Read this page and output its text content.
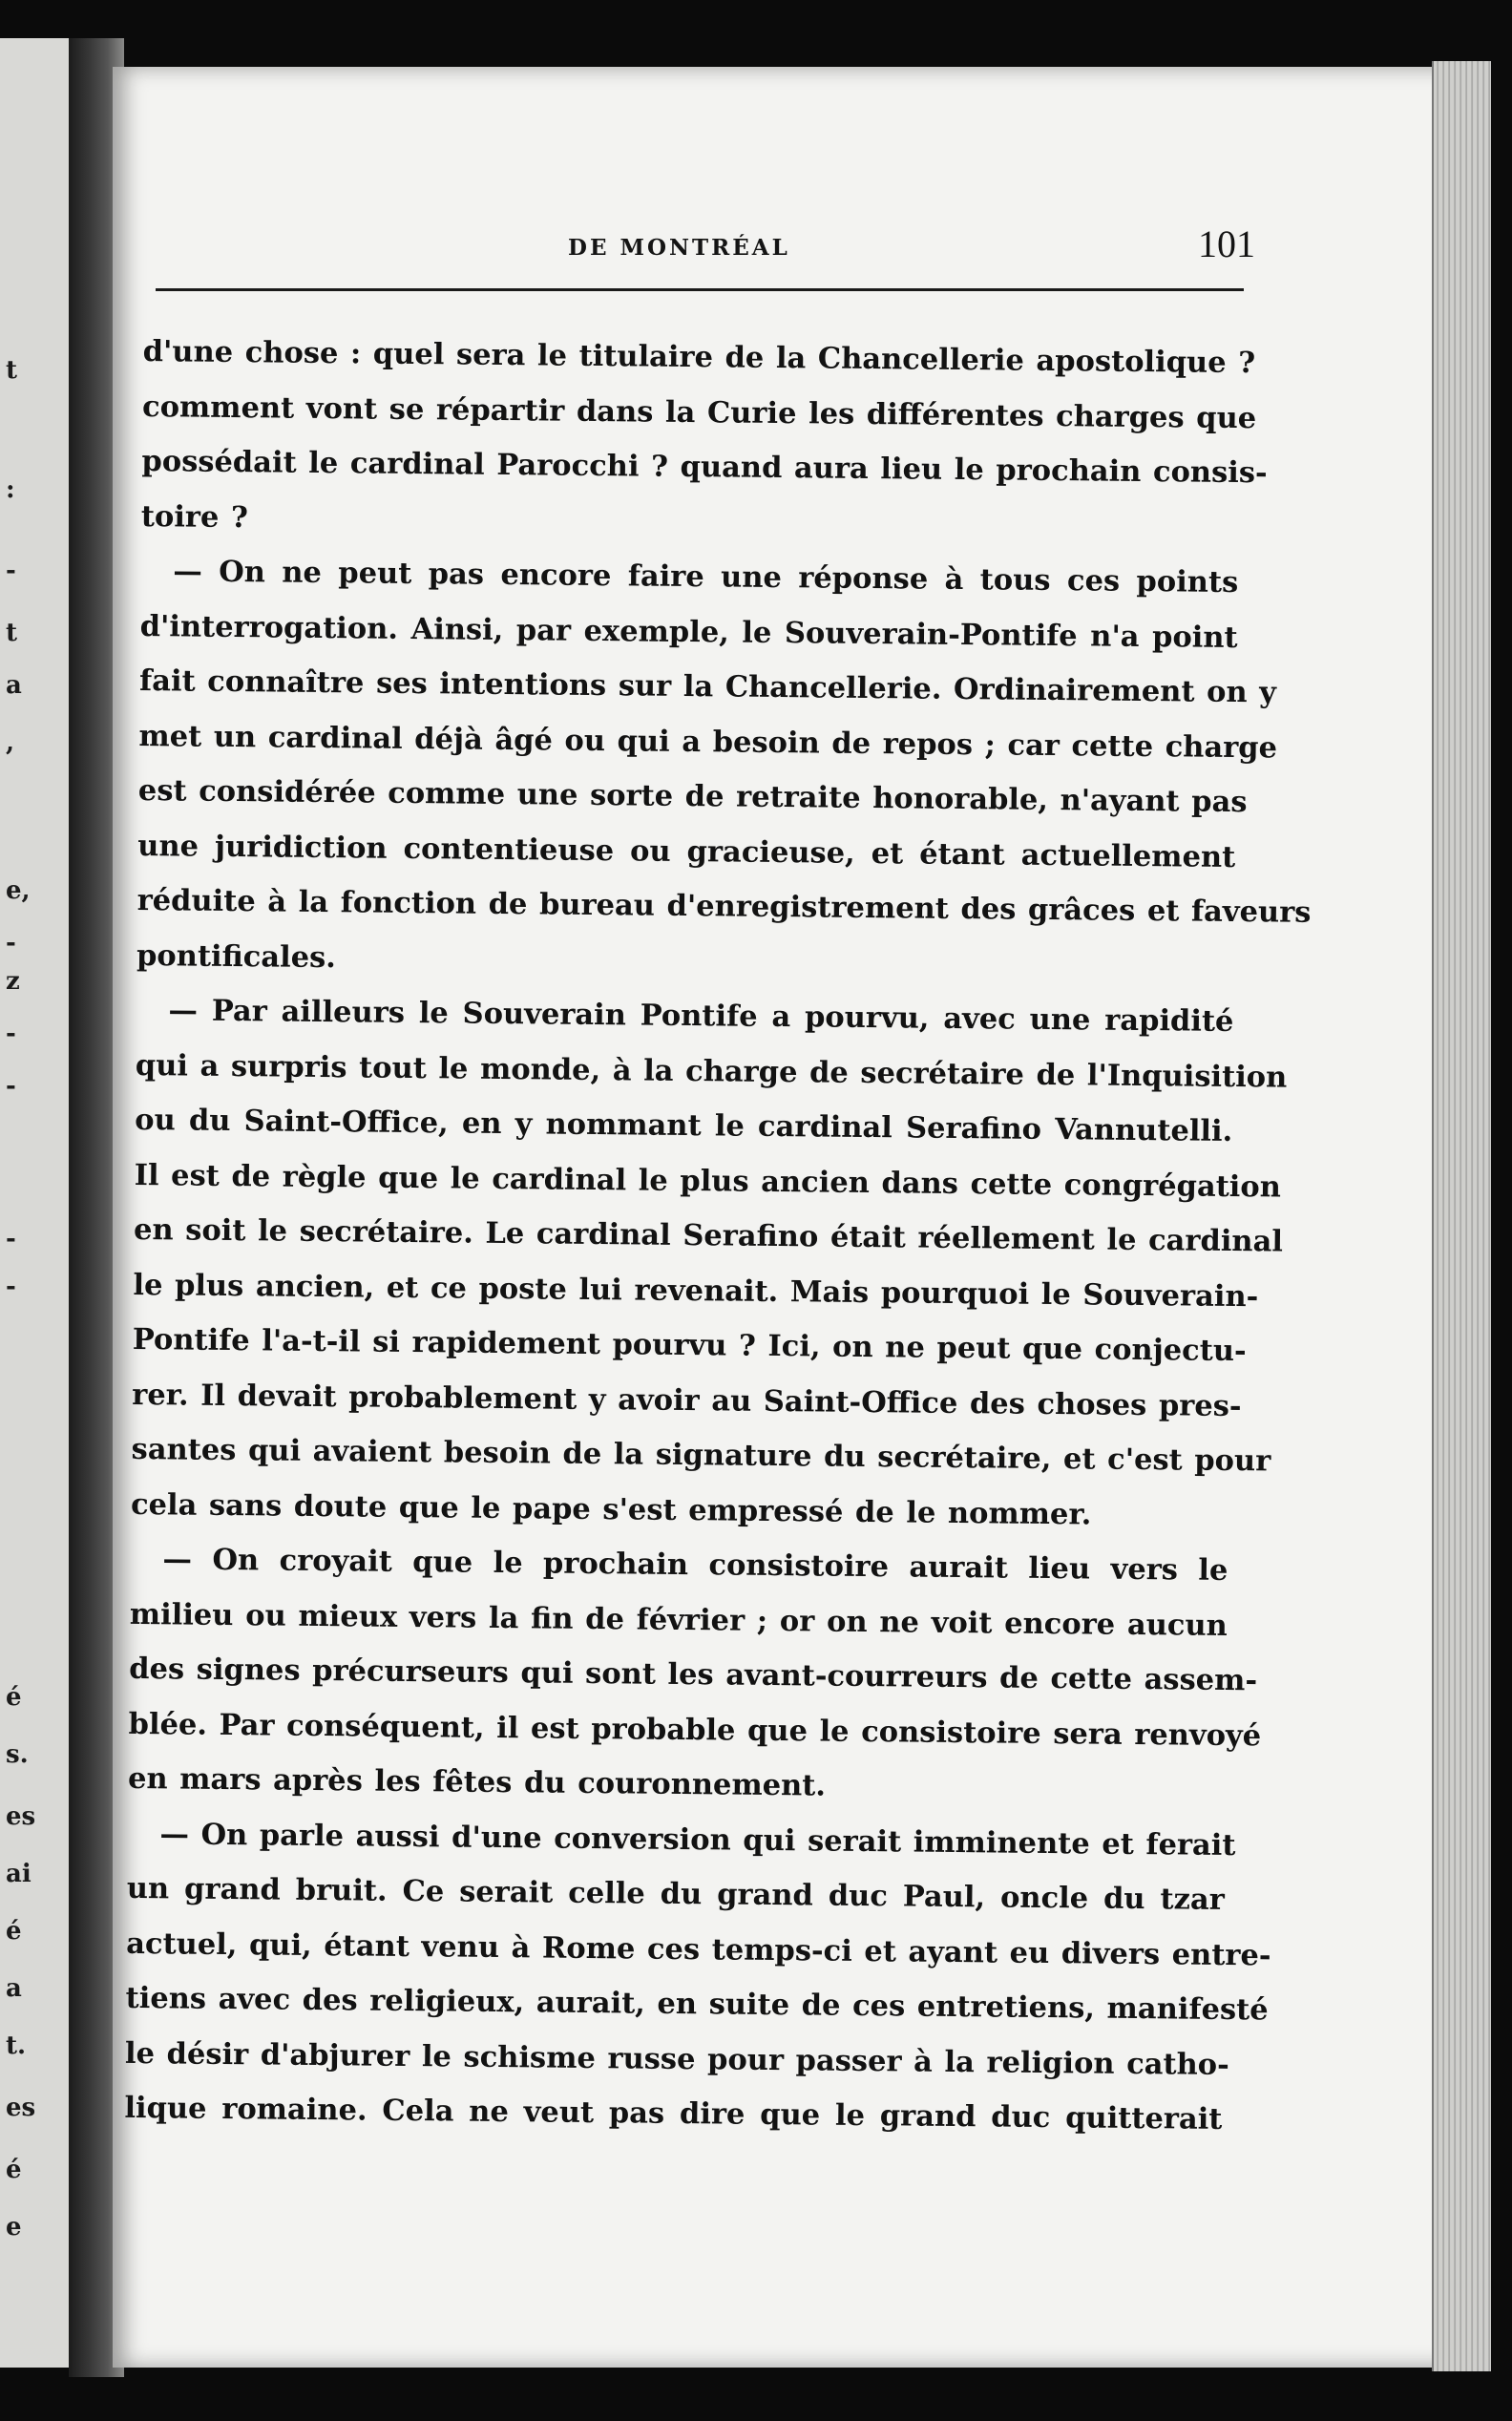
t
:
-
t
a
,
e,
-
z
-
-
-
-
é
s.
es
ai
é
a
t.
es
é
e
DE MONTRÉAL	101
d'une chose : quel sera le titulaire de la Chancellerie apostolique ?
comment vont se répartir dans la Curie les différentes charges que
possédait le cardinal Parocchi ? quand aura lieu le prochain consis-
toire ?
— On ne peut pas encore faire une réponse à tous ces points
d'interrogation. Ainsi, par exemple, le Souverain-Pontife n'a point
fait connaître ses intentions sur la Chancellerie. Ordinairement on y
met un cardinal déjà âgé ou qui a besoin de repos ; car cette charge
est considérée comme une sorte de retraite honorable, n'ayant pas
une juridiction contentieuse ou gracieuse, et étant actuellement
réduite à la fonction de bureau d'enregistrement des grâces et faveurs
pontificales.
— Par ailleurs le Souverain Pontife a pourvu, avec une rapidité
qui a surpris tout le monde, à la charge de secrétaire de l'Inquisition
ou du Saint-Office, en y nommant le cardinal Serafino Vannutelli.
Il est de règle que le cardinal le plus ancien dans cette congrégation
en soit le secrétaire. Le cardinal Serafino était réellement le cardinal
le plus ancien, et ce poste lui revenait. Mais pourquoi le Souverain-
Pontife l'a-t-il si rapidement pourvu ? Ici, on ne peut que conjectu-
rer. Il devait probablement y avoir au Saint-Office des choses pres-
santes qui avaient besoin de la signature du secrétaire, et c'est pour
cela sans doute que le pape s'est empressé de le nommer.
— On croyait que le prochain consistoire aurait lieu vers le
milieu ou mieux vers la fin de février ; or on ne voit encore aucun
des signes précurseurs qui sont les avant-courreurs de cette assem-
blée. Par conséquent, il est probable que le consistoire sera renvoyé
en mars après les fêtes du couronnement.
— On parle aussi d'une conversion qui serait imminente et ferait
un grand bruit. Ce serait celle du grand duc Paul, oncle du tzar
actuel, qui, étant venu à Rome ces temps-ci et ayant eu divers entre-
tiens avec des religieux, aurait, en suite de ces entretiens, manifesté
le désir d'abjurer le schisme russe pour passer à la religion catho-
lique romaine. Cela ne veut pas dire que le grand duc quitterait
